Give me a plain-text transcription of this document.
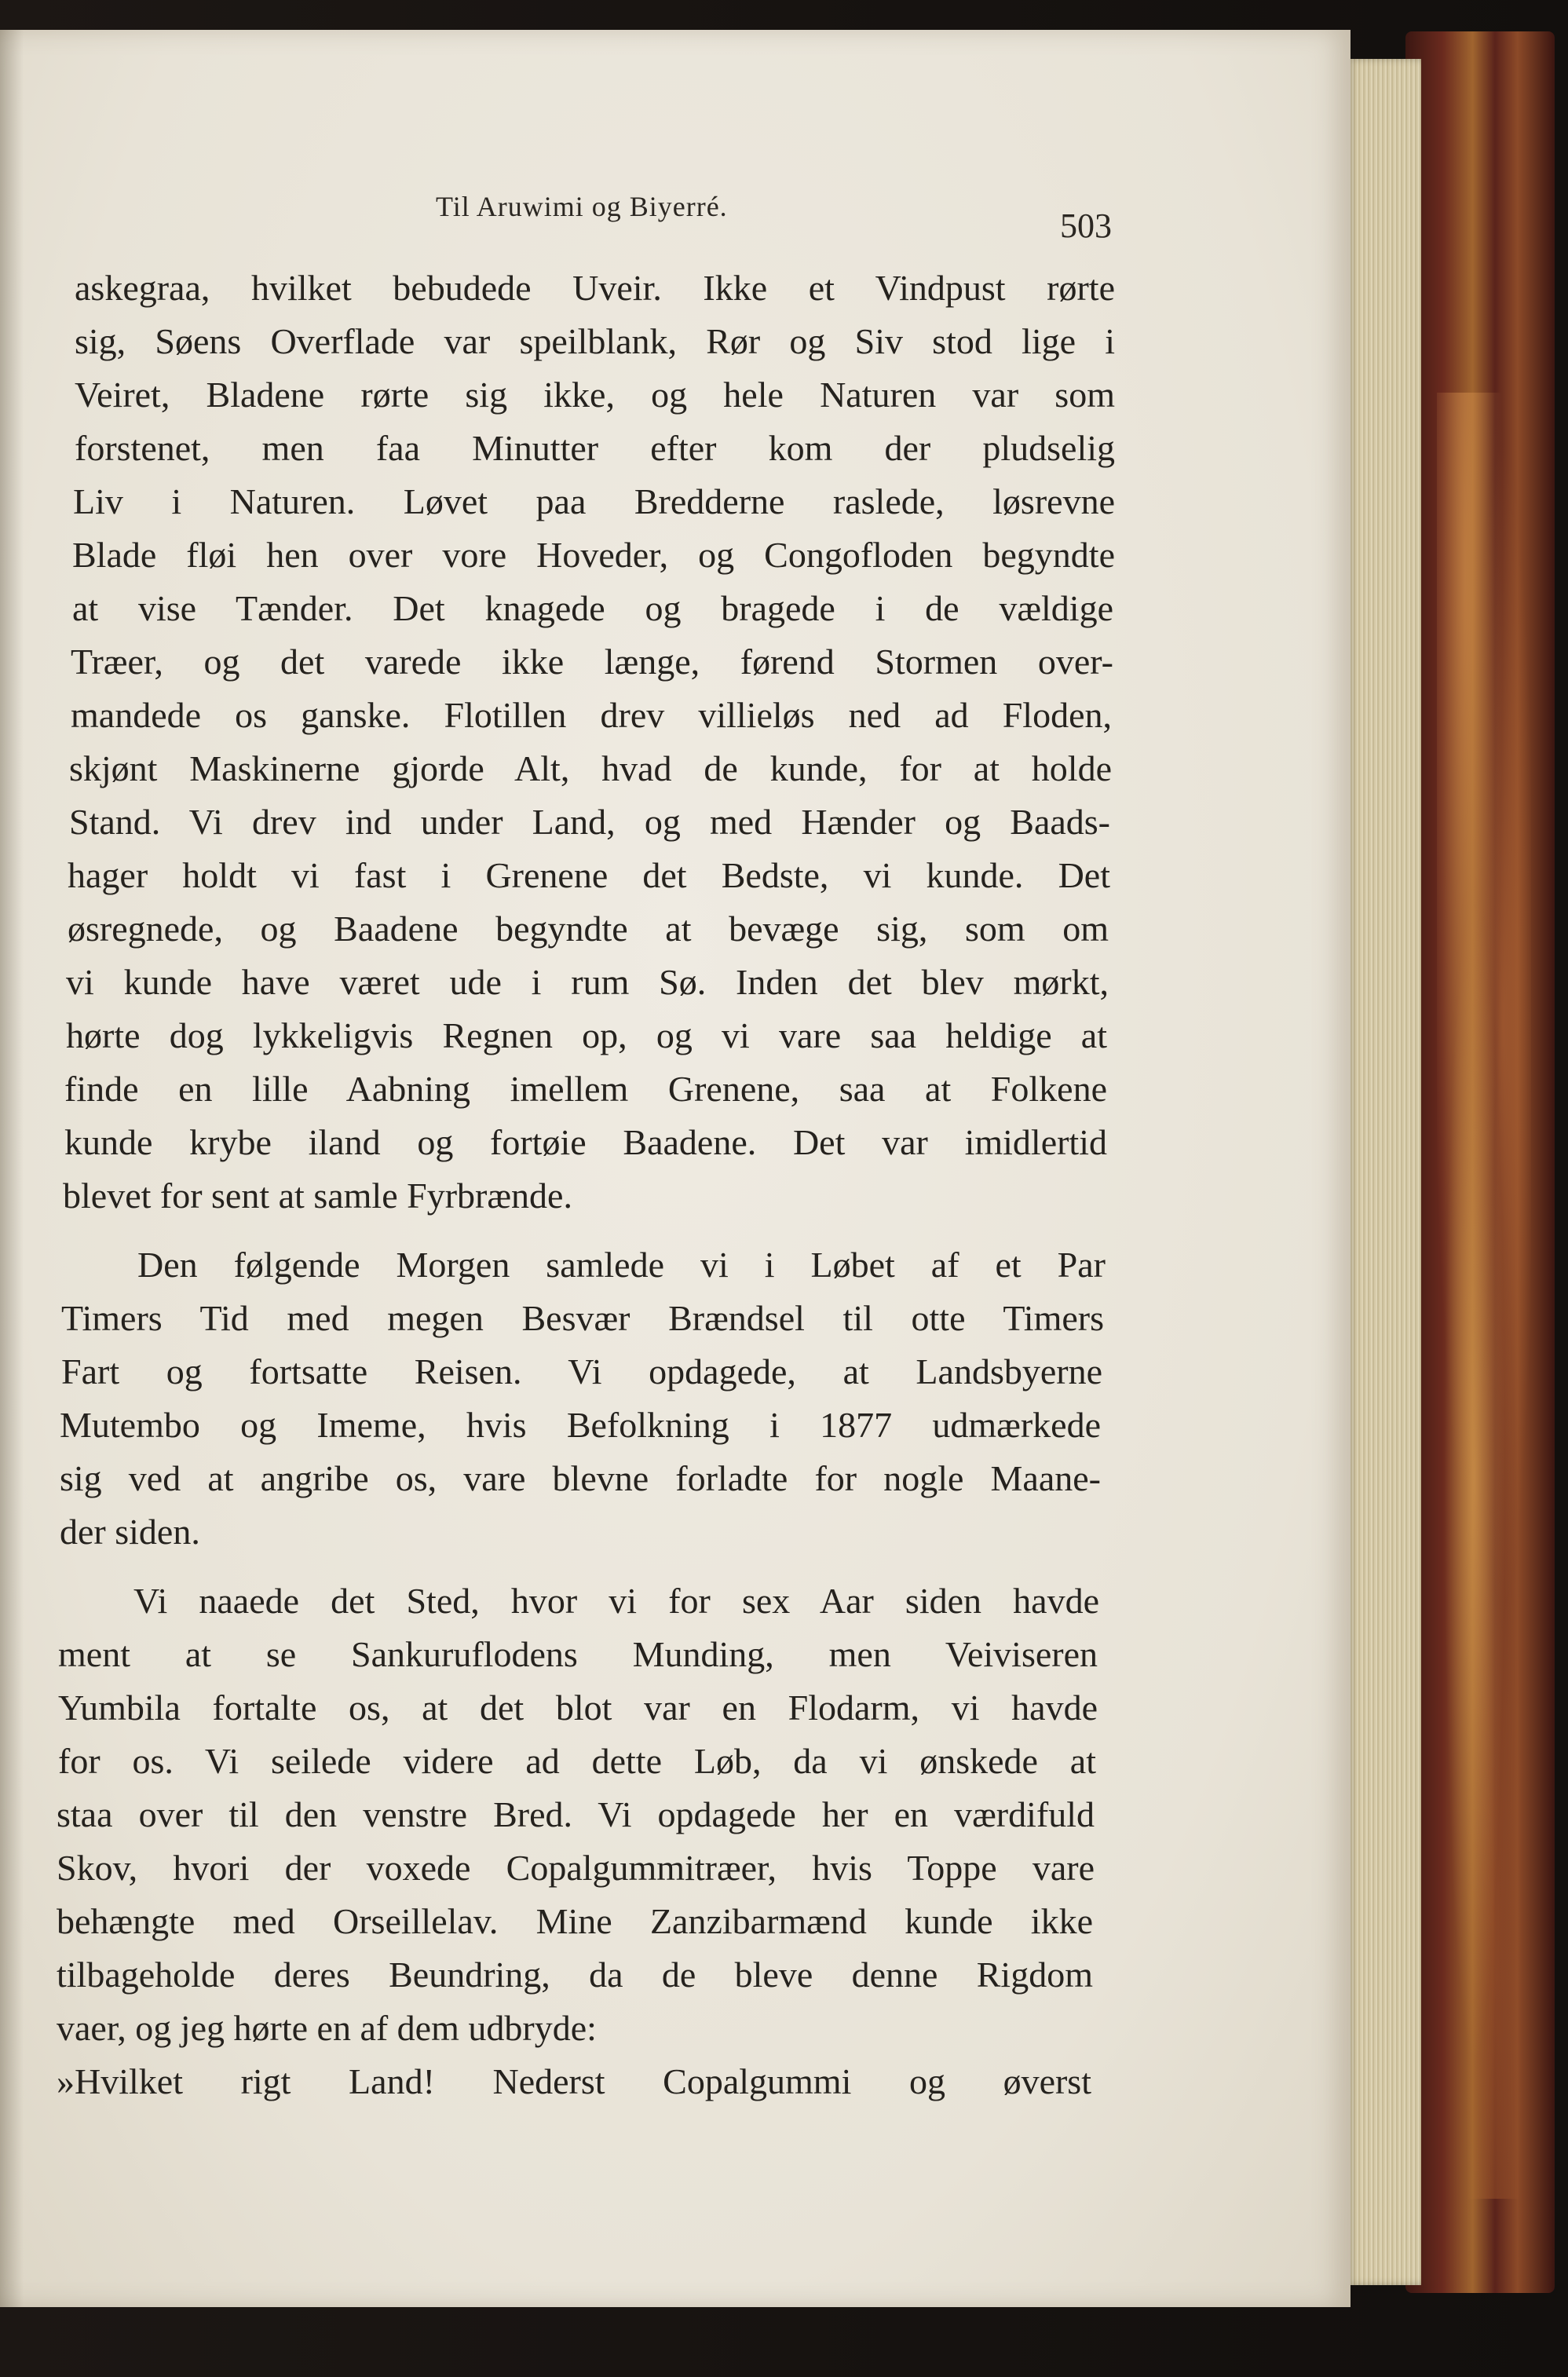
Til Aruwimi og Biyerré.	503
askegraa, hvilket bebudede Uveir. Ikke et Vindpust rørte
sig, Søens Overflade var speilblank, Rør og Siv stod lige i
Veiret, Bladene rørte sig ikke, og hele Naturen var som
forstenet, men faa Minutter efter kom der pludselig
Liv i Naturen. Løvet paa Bredderne raslede, løsrevne
Blade fløi hen over vore Hoveder, og Congofloden begyndte
at vise Tænder. Det knagede og bragede i de vældige
Træer, og det varede ikke længe, førend Stormen over-
mandede os ganske. Flotillen drev villieløs ned ad Floden,
skjønt Maskinerne gjorde Alt, hvad de kunde, for at holde
Stand. Vi drev ind under Land, og med Hænder og Baads-
hager holdt vi fast i Grenene det Bedste, vi kunde. Det
øsregnede, og Baadene begyndte at bevæge sig, som om
vi kunde have været ude i rum Sø. Inden det blev mørkt,
hørte dog lykkeligvis Regnen op, og vi vare saa heldige at
finde en lille Aabning imellem Grenene, saa at Folkene
kunde krybe iland og fortøie Baadene. Det var imidlertid
blevet for sent at samle Fyrbrænde.
Den følgende Morgen samlede vi i Løbet af et Par
Timers Tid med megen Besvær Brændsel til otte Timers
Fart og fortsatte Reisen. Vi opdagede, at Landsbyerne
Mutembo og Imeme, hvis Befolkning i 1877 udmærkede
sig ved at angribe os, vare blevne forladte for nogle Maane-
der siden.
Vi naaede det Sted, hvor vi for sex Aar siden havde
ment at se Sankuruflodens Munding, men Veiviseren
Yumbila fortalte os, at det blot var en Flodarm, vi havde
for os. Vi seilede videre ad dette Løb, da vi ønskede at
staa over til den venstre Bred. Vi opdagede her en værdifuld
Skov, hvori der voxede Copalgummitræer, hvis Toppe vare
behængte med Orseillelav. Mine Zanzibarmænd kunde ikke
tilbageholde deres Beundring, da de bleve denne Rigdom
vaer, og jeg hørte en af dem udbryde:
»Hvilket rigt Land! Nederst Copalgummi og øverst
